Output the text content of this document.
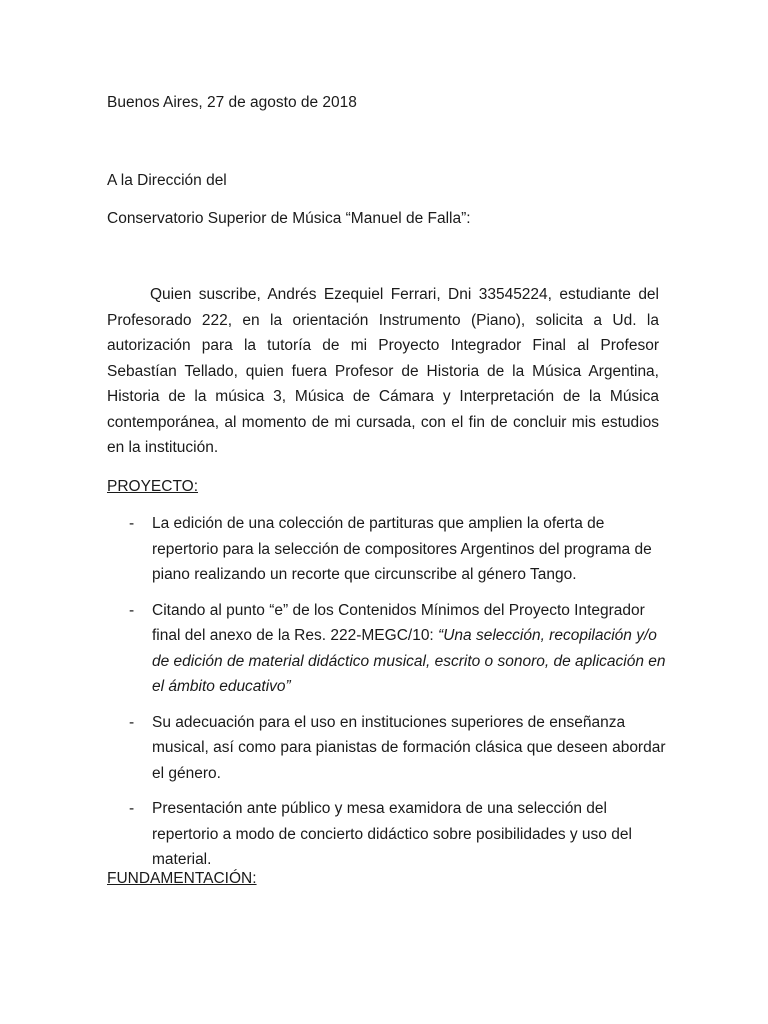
Buenos Aires, 27 de agosto de 2018
A la Dirección del
Conservatorio Superior de Música “Manuel de Falla”:
Quien suscribe, Andrés Ezequiel Ferrari, Dni 33545224, estudiante del Profesorado 222, en la orientación Instrumento (Piano), solicita a Ud. la autorización para la tutoría de mi Proyecto Integrador Final al Profesor Sebastían Tellado, quien fuera Profesor de Historia de la Música Argentina, Historia de la música 3, Música de Cámara y Interpretación de la Música contemporánea, al momento de mi cursada, con el fin de concluir mis estudios en la institución.
PROYECTO:
- La edición de una colección de partituras que amplien la oferta de repertorio para la selección de compositores Argentinos del programa de piano realizando un recorte que circunscribe al género Tango.
- Citando al punto “e” de los Contenidos Mínimos del Proyecto Integrador final del anexo de la Res. 222-MEGC/10: “Una selección, recopilación y/o de edición de material didáctico musical, escrito o sonoro, de aplicación en el ámbito educativo”
- Su adecuación para el uso en instituciones superiores de enseñanza musical, así como para pianistas de formación clásica que deseen abordar el género.
- Presentación ante público y mesa examidora de una selección del repertorio a modo de concierto didáctico sobre posibilidades y uso del material.
FUNDAMENTACIÓN:
